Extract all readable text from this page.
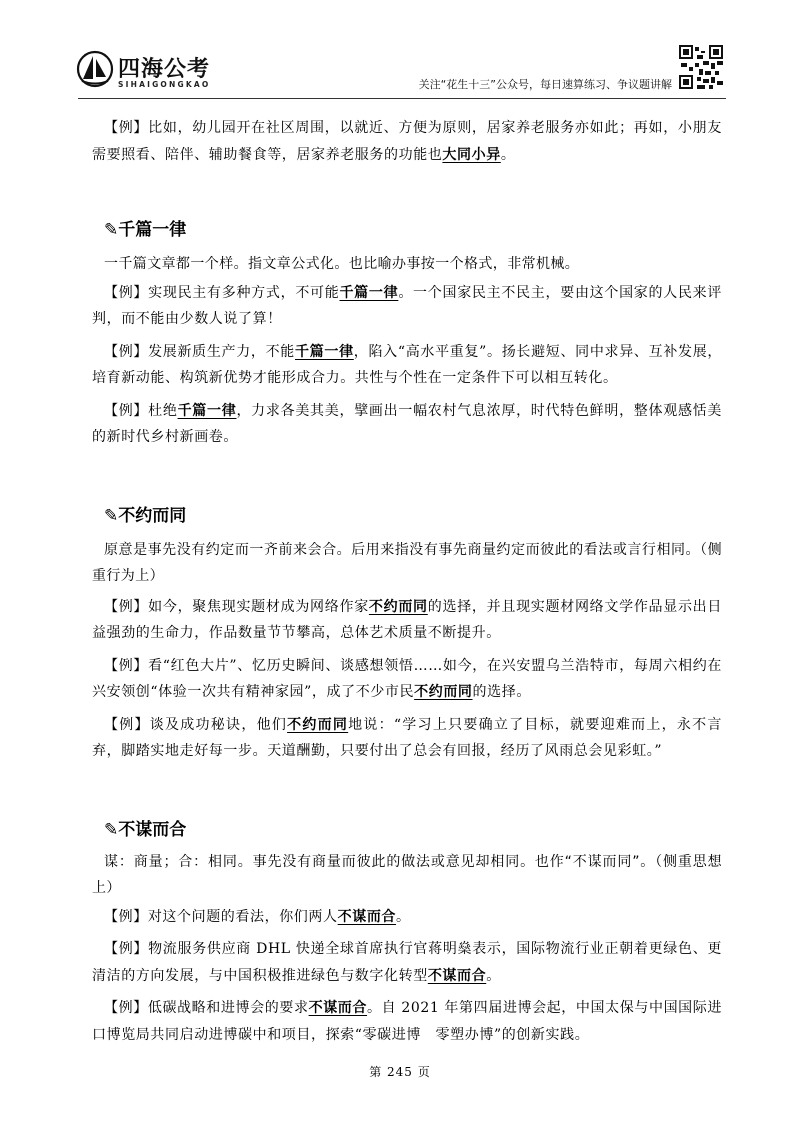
四海公考
SIHAIGONGKAO	关注“花生十三”公众号，每日速算练习、争议题讲解

【例】比如，幼儿园开在社区周围，以就近、方便为原则，居家养老服务亦如此；再如，小朋友需要照看、陪伴、辅助餐食等，居家养老服务的功能也大同小异。

✎千篇一律

一千篇文章都一个样。指文章公式化。也比喻办事按一个格式，非常机械。

【例】实现民主有多种方式，不可能千篇一律。一个国家民主不民主，要由这个国家的人民来评判，而不能由少数人说了算！

【例】发展新质生产力，不能千篇一律，陷入“高水平重复”。扬长避短、同中求异、互补发展，培育新动能、构筑新优势才能形成合力。共性与个性在一定条件下可以相互转化。

【例】杜绝千篇一律，力求各美其美，擘画出一幅农村气息浓厚，时代特色鲜明，整体观感恬美的新时代乡村新画卷。

✎不约而同

原意是事先没有约定而一齐前来会合。后用来指没有事先商量约定而彼此的看法或言行相同。（侧重行为上）

【例】如今，聚焦现实题材成为网络作家不约而同的选择，并且现实题材网络文学作品显示出日益强劲的生命力，作品数量节节攀高，总体艺术质量不断提升。

【例】看“红色大片”、忆历史瞬间、谈感想领悟……如今，在兴安盟乌兰浩特市，每周六相约在兴安领创“体验一次共有精神家园”，成了不少市民不约而同的选择。

【例】谈及成功秘诀，他们不约而同地说：“学习上只要确立了目标，就要迎难而上，永不言弃，脚踏实地走好每一步。天道酬勤，只要付出了总会有回报，经历了风雨总会见彩虹。”

✎不谋而合

谋：商量；合：相同。事先没有商量而彼此的做法或意见却相同。也作“不谋而同”。（侧重思想上）

【例】对这个问题的看法，你们两人不谋而合。

【例】物流服务供应商 DHL 快递全球首席执行官蒋明燊表示，国际物流行业正朝着更绿色、更清洁的方向发展，与中国积极推进绿色与数字化转型不谋而合。

【例】低碳战略和进博会的要求不谋而合。自 2021 年第四届进博会起，中国太保与中国国际进口博览局共同启动进博碳中和项目，探索“零碳进博　零塑办博”的创新实践。

第 245 页
